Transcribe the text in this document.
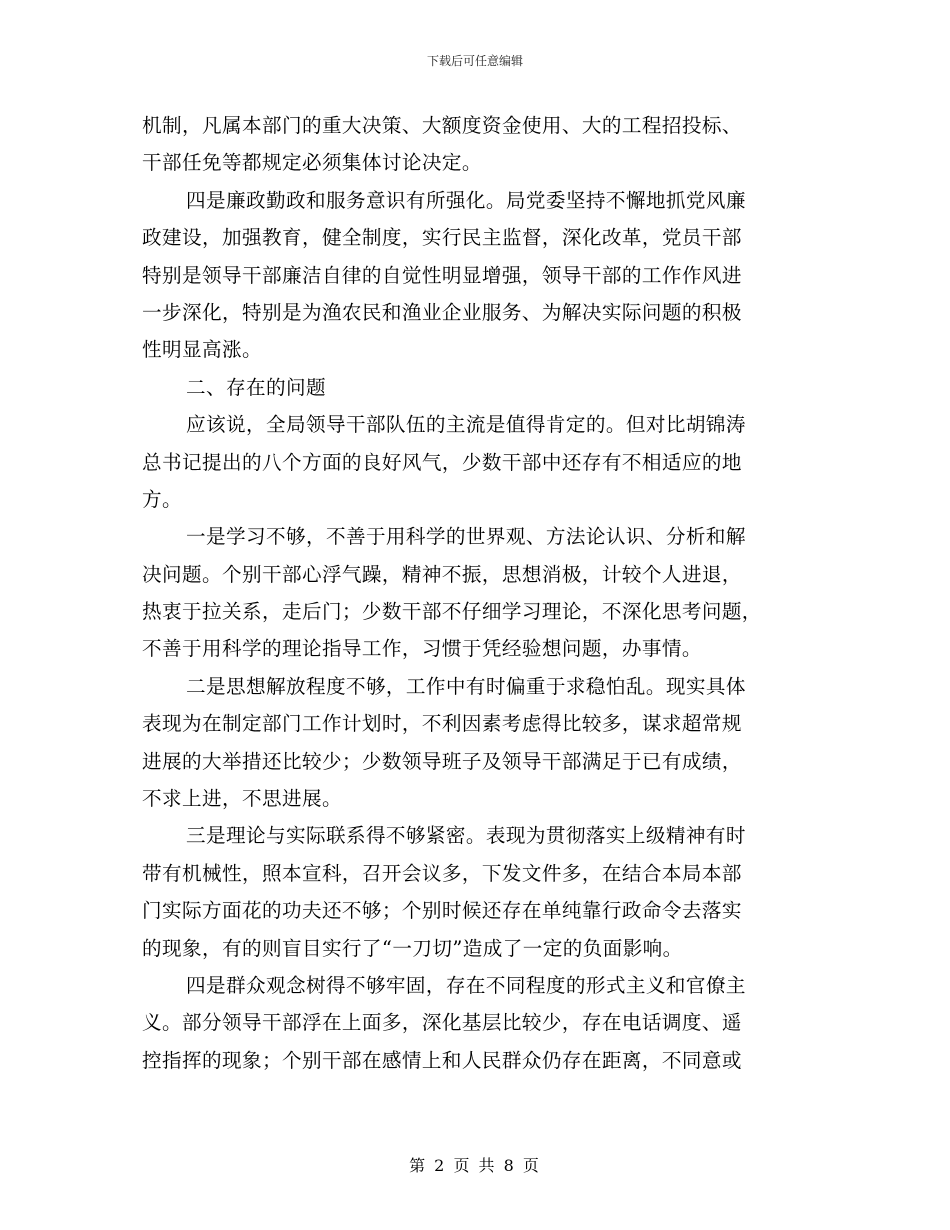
下载后可任意编辑
机制，凡属本部门的重大决策、大额度资金使用、大的工程招投标、
干部任免等都规定必须集体讨论决定。
四是廉政勤政和服务意识有所强化。局党委坚持不懈地抓党风廉
政建设，加强教育，健全制度，实行民主监督，深化改革，党员干部
特别是领导干部廉洁自律的自觉性明显增强，领导干部的工作作风进
一步深化，特别是为渔农民和渔业企业服务、为解决实际问题的积极
性明显高涨。
二、存在的问题
应该说，全局领导干部队伍的主流是值得肯定的。但对比胡锦涛
总书记提出的八个方面的良好风气，少数干部中还存有不相适应的地
方。
一是学习不够，不善于用科学的世界观、方法论认识、分析和解
决问题。个别干部心浮气躁，精神不振，思想消极，计较个人进退，
热衷于拉关系，走后门；少数干部不仔细学习理论，不深化思考问题，
不善于用科学的理论指导工作，习惯于凭经验想问题，办事情。
二是思想解放程度不够，工作中有时偏重于求稳怕乱。现实具体
表现为在制定部门工作计划时，不利因素考虑得比较多，谋求超常规
进展的大举措还比较少；少数领导班子及领导干部满足于已有成绩，
不求上进，不思进展。
三是理论与实际联系得不够紧密。表现为贯彻落实上级精神有时
带有机械性，照本宣科，召开会议多，下发文件多，在结合本局本部
门实际方面花的功夫还不够；个别时候还存在单纯靠行政命令去落实
的现象，有的则盲目实行了“一刀切”造成了一定的负面影响。
四是群众观念树得不够牢固，存在不同程度的形式主义和官僚主
义。部分领导干部浮在上面多，深化基层比较少，存在电话调度、遥
控指挥的现象；个别干部在感情上和人民群众仍存在距离，不同意或
第 2 页 共 8 页
